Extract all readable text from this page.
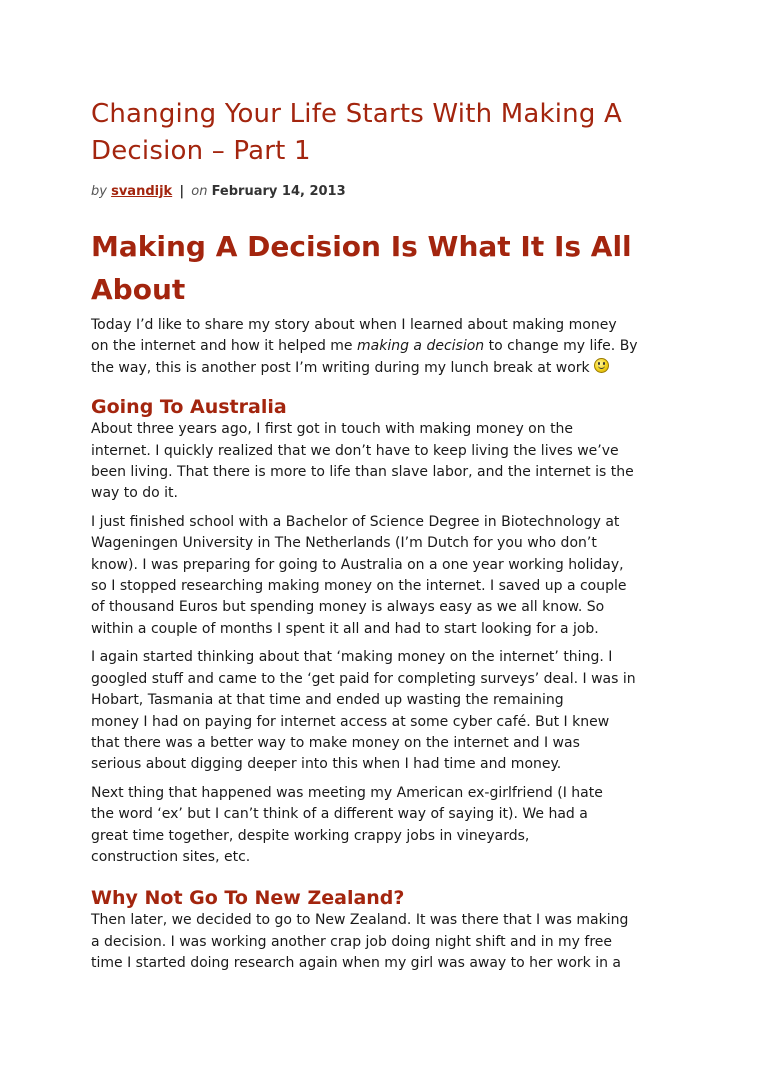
Changing Your Life Starts With Making A
Decision – Part 1
by svandijk | on February 14, 2013
Making A Decision Is What It Is All
About

Today I’d like to share my story about when I learned about making money
on the internet and how it helped me making a decision to change my life. By
the way, this is another post I’m writing during my lunch break at work

Going To Australia

About three years ago, I first got in touch with making money on the
internet. I quickly realized that we don’t have to keep living the lives we’ve
been living. That there is more to life than slave labor, and the internet is the
way to do it.

I just finished school with a Bachelor of Science Degree in Biotechnology at
Wageningen University in The Netherlands (I’m Dutch for you who don’t
know). I was preparing for going to Australia on a one year working holiday,
so I stopped researching making money on the internet. I saved up a couple
of thousand Euros but spending money is always easy as we all know. So
within a couple of months I spent it all and had to start looking for a job.

I again started thinking about that ‘making money on the internet’ thing. I
googled stuff and came to the ‘get paid for completing surveys’ deal. I was in
Hobart, Tasmania at that time and ended up wasting the remaining
money I had on paying for internet access at some cyber café. But I knew
that there was a better way to make money on the internet and I was
serious about digging deeper into this when I had time and money.

Next thing that happened was meeting my American ex-girlfriend (I hate
the word ‘ex’ but I can’t think of a different way of saying it). We had a
great time together, despite working crappy jobs in vineyards,
construction sites, etc.

Why Not Go To New Zealand?

Then later, we decided to go to New Zealand. It was there that I was making
a decision. I was working another crap job doing night shift and in my free
time I started doing research again when my girl was away to her work in a
